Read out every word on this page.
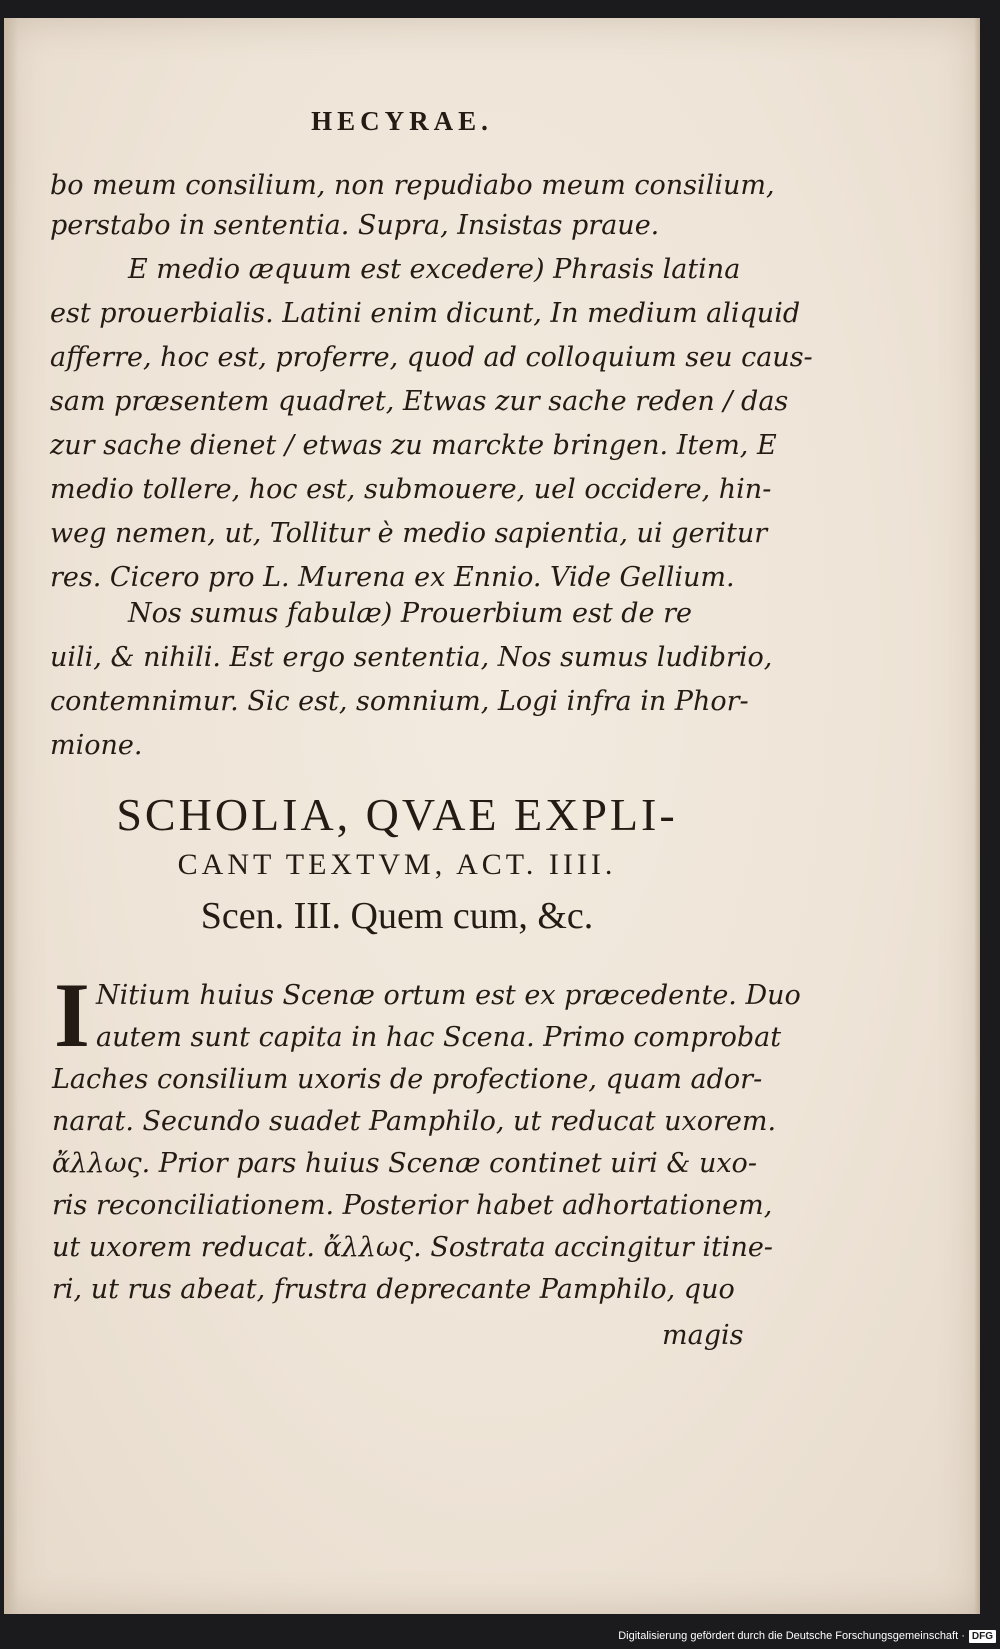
HECYRAE.
bo meum consilium, non repudiabo meum consilium,
perstabo in sententia. Supra, Insistas praue.
E medio æquum est excedere) Phrasis latina
est prouerbialis. Latini enim dicunt, In medium aliquid
afferre, hoc est, proferre, quod ad colloquium seu caus-
sam præsentem quadret, Etwas zur sache reden / das
zur sache dienet / etwas zu marckte bringen. Item, E
medio tollere, hoc est, submouere, uel occidere, hin-
weg nemen, ut, Tollitur è medio sapientia, ui geritur
res. Cicero pro L. Murena ex Ennio. Vide Gellium.
Nos sumus fabulæ) Prouerbium est de re
uili, & nihili. Est ergo sententia, Nos sumus ludibrio,
contemnimur. Sic est, somnium, Logi infra in Phor-
mione.
SCHOLIA, QVAE EXPLI-
CANT TEXTVM, ACT. IIII.
Scen. III. Quem cum, &c.
I Nitium huius Scenæ ortum est ex præcedente. Duo
autem sunt capita in hac Scena. Primo comprobat
Laches consilium uxoris de profectione, quam ador-
narat. Secundo suadet Pamphilo, ut reducat uxorem.
ἄλλως. Prior pars huius Scenæ continet uiri & uxo-
ris reconciliationem. Posterior habet adhortationem,
ut uxorem reducat. ἄλλως. Sostrata accingitur itine-
ri, ut rus abeat, frustra deprecante Pamphilo, quo
magis
Digitalisierung gefördert durch die Deutsche Forschungsgemeinschaft · DFG
